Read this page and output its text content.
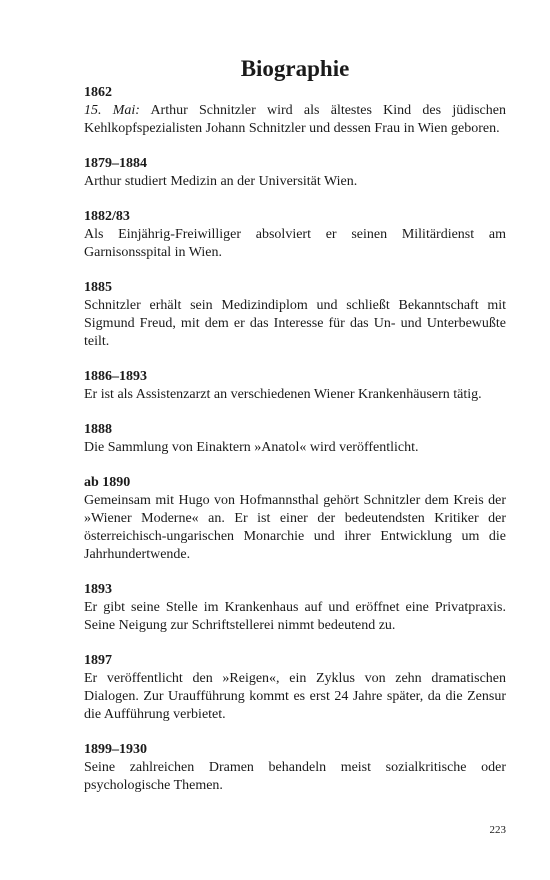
Biographie

1862

15. Mai: Arthur Schnitzler wird als ältestes Kind des jüdischen Kehlkopfspezialisten Johann Schnitzler und dessen Frau in Wien geboren.

1879–1884

Arthur studiert Medizin an der Universität Wien.

1882/83

Als Einjährig-Freiwilliger absolviert er seinen Militärdienst am Garnisonsspital in Wien.

1885

Schnitzler erhält sein Medizindiplom und schließt Bekanntschaft mit Sigmund Freud, mit dem er das Interesse für das Un- und Unterbewußte teilt.

1886–1893

Er ist als Assistenzarzt an verschiedenen Wiener Krankenhäusern tätig.

1888

Die Sammlung von Einaktern »Anatol« wird veröffentlicht.

ab 1890

Gemeinsam mit Hugo von Hofmannsthal gehört Schnitzler dem Kreis der »Wiener Moderne« an. Er ist einer der bedeutendsten Kritiker der österreichisch-ungarischen Monarchie und ihrer Entwicklung um die Jahrhundertwende.

1893

Er gibt seine Stelle im Krankenhaus auf und eröffnet eine Privatpraxis. Seine Neigung zur Schriftstellerei nimmt bedeutend zu.

1897

Er veröffentlicht den »Reigen«, ein Zyklus von zehn dramatischen Dialogen. Zur Uraufführung kommt es erst 24 Jahre später, da die Zensur die Aufführung verbietet.

1899–1930

Seine zahlreichen Dramen behandeln meist sozialkritische oder psychologische Themen.

223
